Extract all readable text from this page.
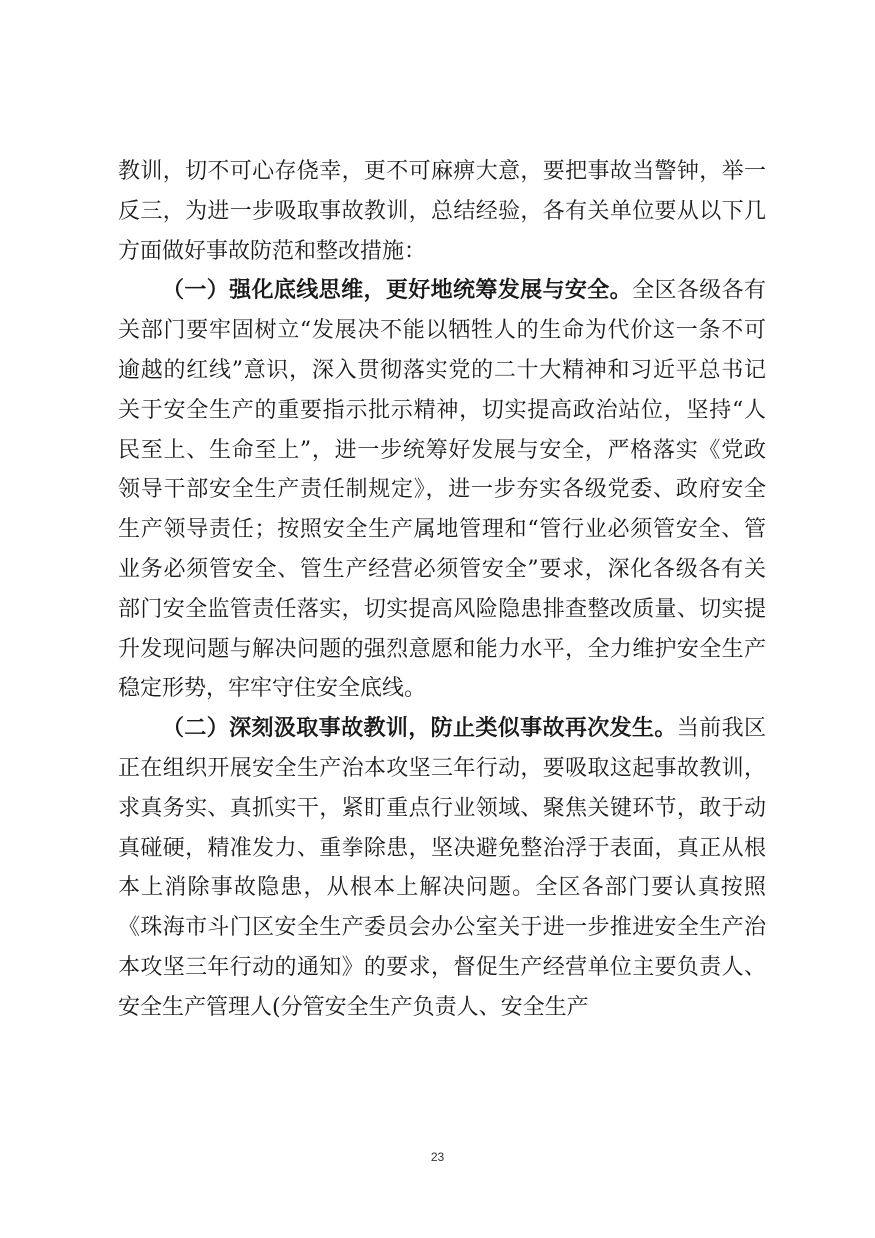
教训，切不可心存侥幸，更不可麻痹大意，要把事故当警钟，举一反三，为进一步吸取事故教训，总结经验，各有关单位要从以下几方面做好事故防范和整改措施：

（一）强化底线思维，更好地统筹发展与安全。全区各级各有关部门要牢固树立“发展决不能以牺牲人的生命为代价这一条不可逾越的红线”意识，深入贯彻落实党的二十大精神和习近平总书记关于安全生产的重要指示批示精神，切实提高政治站位，坚持“人民至上、生命至上”，进一步统筹好发展与安全，严格落实《党政领导干部安全生产责任制规定》，进一步夯实各级党委、政府安全生产领导责任；按照安全生产属地管理和“管行业必须管安全、管业务必须管安全、管生产经营必须管安全”要求，深化各级各有关部门安全监管责任落实，切实提高风险隐患排查整改质量、切实提升发现问题与解决问题的强烈意愿和能力水平，全力维护安全生产稳定形势，牢牢守住安全底线。

（二）深刻汲取事故教训，防止类似事故再次发生。当前我区正在组织开展安全生产治本攻坚三年行动，要吸取这起事故教训，求真务实、真抓实干，紧盯重点行业领域、聚焦关键环节，敢于动真碰硬，精准发力、重拳除患，坚决避免整治浮于表面，真正从根本上消除事故隐患，从根本上解决问题。全区各部门要认真按照《珠海市斗门区安全生产委员会办公室关于进一步推进安全生产治本攻坚三年行动的通知》的要求，督促生产经营单位主要负责人、安全生产管理人(分管安全生产负责人、安全生产

23
